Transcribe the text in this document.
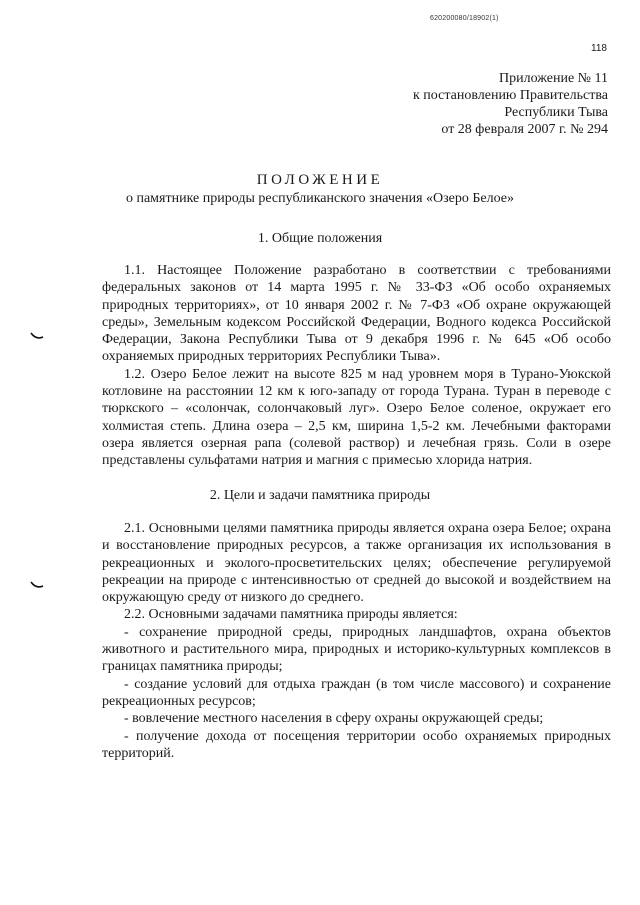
620200080/18902(1)
118
Приложение № 11
к постановлению Правительства
Республики Тыва
от 28 февраля 2007 г. № 294
ПОЛОЖЕНИЕ
о памятнике природы республиканского значения «Озеро Белое»
1. Общие положения

1.1. Настоящее Положение разработано в соответствии с требованиями федеральных законов от 14 марта 1995 г. № 33-ФЗ «Об особо охраняемых природных территориях», от 10 января 2002 г. № 7-ФЗ «Об охране окружающей среды», Земельным кодексом Российской Федерации, Водного кодекса Российской Федерации, Закона Республики Тыва от 9 декабря 1996 г. № 645 «Об особо охраняемых природных территориях Республики Тыва».

1.2. Озеро Белое лежит на высоте 825 м над уровнем моря в Турано-Уюкской котловине на расстоянии 12 км к юго-западу от города Турана. Туран в переводе с тюркского – «солончак, солончаковый луг». Озеро Белое соленое, окружает его холмистая степь. Длина озера – 2,5 км, ширина 1,5-2 км. Лечебными факторами озера является озерная рапа (солевой раствор) и лечебная грязь. Соли в озере представлены сульфатами натрия и магния с примесью хлорида натрия.

2. Цели и задачи памятника природы

2.1. Основными целями памятника природы является охрана озера Белое; охрана и восстановление природных ресурсов, а также организация их использования в рекреационных и эколого-просветительских целях; обеспечение регулируемой рекреации на природе с интенсивностью от средней до высокой и воздействием на окружающую среду от низкого до среднего.

2.2. Основными задачами памятника природы является:

- сохранение природной среды, природных ландшафтов, охрана объектов животного и растительного мира, природных и историко-культурных комплексов в границах памятника природы;

- создание условий для отдыха граждан (в том числе массового) и сохранение рекреационных ресурсов;

- вовлечение местного населения в сферу охраны окружающей среды;

- получение дохода от посещения территории особо охраняемых природных территорий.
